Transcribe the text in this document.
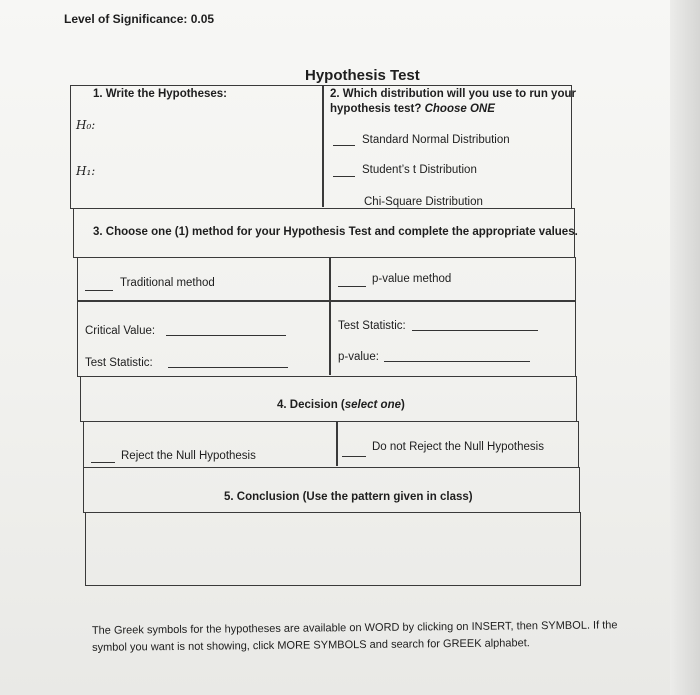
Level of Significance: 0.05
Hypothesis Test
1. Write the Hypotheses:
H₀:
H₁:
2. Which distribution will you use to run your
hypothesis test? Choose ONE
Standard Normal Distribution
Student’s t Distribution
Chi-Square Distribution
3. Choose one (1) method for your Hypothesis Test and complete the appropriate values.
Traditional method	p-value method
Critical Value:
Test Statistic:
Test Statistic:
p-value:
4. Decision (select one)
Reject the Null Hypothesis
Do not Reject the Null Hypothesis
5. Conclusion (Use the pattern given in class)
The Greek symbols for the hypotheses are available on WORD by clicking on INSERT, then SYMBOL. If the
symbol you want is not showing, click MORE SYMBOLS and search for GREEK alphabet.
